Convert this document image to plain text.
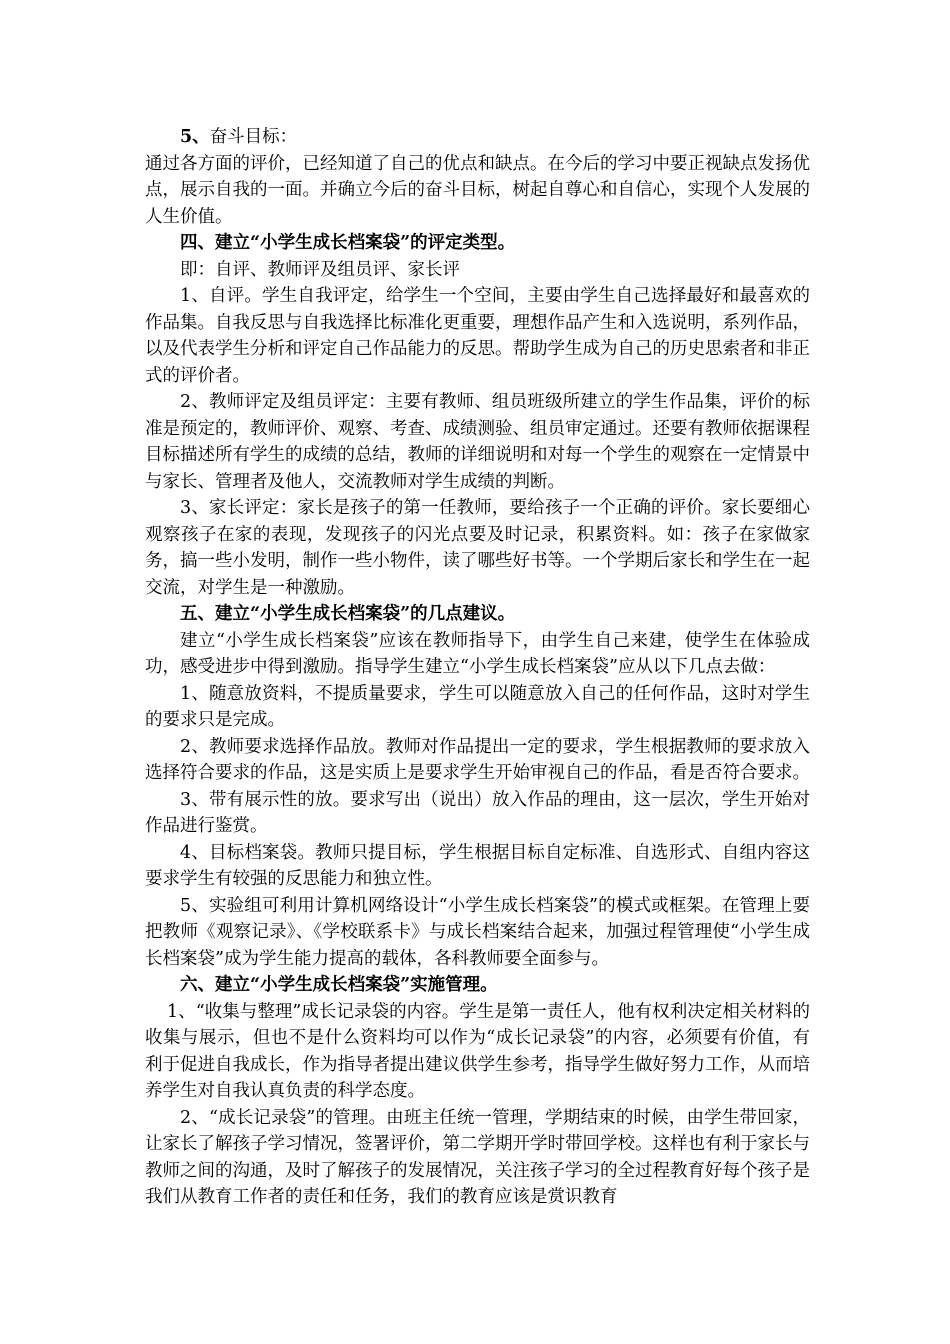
5、奋斗目标：

通过各方面的评价，已经知道了自己的优点和缺点。在今后的学习中要正视缺点发扬优点，展示自我的一面。并确立今后的奋斗目标，树起自尊心和自信心，实现个人发展的人生价值。

四、建立“小学生成长档案袋”的评定类型。

即：自评、教师评及组员评、家长评

1、自评。学生自我评定，给学生一个空间，主要由学生自己选择最好和最喜欢的作品集。自我反思与自我选择比标准化更重要，理想作品产生和入选说明，系列作品，以及代表学生分析和评定自己作品能力的反思。帮助学生成为自己的历史思索者和非正式的评价者。

2、教师评定及组员评定：主要有教师、组员班级所建立的学生作品集，评价的标准是预定的，教师评价、观察、考查、成绩测验、组员审定通过。还要有教师依据课程目标描述所有学生的成绩的总结，教师的详细说明和对每一个学生的观察在一定情景中与家长、管理者及他人，交流教师对学生成绩的判断。

3、家长评定：家长是孩子的第一任教师，要给孩子一个正确的评价。家长要细心观察孩子在家的表现，发现孩子的闪光点要及时记录，积累资料。如：孩子在家做家务，搞一些小发明，制作一些小物件，读了哪些好书等。一个学期后家长和学生在一起交流，对学生是一种激励。

五、建立“小学生成长档案袋”的几点建议。

建立“小学生成长档案袋”应该在教师指导下，由学生自己来建，使学生在体验成功，感受进步中得到激励。指导学生建立“小学生成长档案袋”应从以下几点去做：

1、随意放资料，不提质量要求，学生可以随意放入自己的任何作品，这时对学生的要求只是完成。

2、教师要求选择作品放。教师对作品提出一定的要求，学生根据教师的要求放入选择符合要求的作品，这是实质上是要求学生开始审视自己的作品，看是否符合要求。

3、带有展示性的放。要求写出（说出）放入作品的理由，这一层次，学生开始对作品进行鉴赏。

4、目标档案袋。教师只提目标，学生根据目标自定标准、自选形式、自组内容这要求学生有较强的反思能力和独立性。

5、实验组可利用计算机网络设计“小学生成长档案袋”的模式或框架。在管理上要把教师《观察记录》、《学校联系卡》与成长档案结合起来，加强过程管理使“小学生成长档案袋”成为学生能力提高的载体，各科教师要全面参与。

六、建立“小学生成长档案袋”实施管理。

1、“收集与整理”成长记录袋的内容。学生是第一责任人，他有权利决定相关材料的收集与展示，但也不是什么资料均可以作为“成长记录袋”的内容，必须要有价值，有利于促进自我成长，作为指导者提出建议供学生参考，指导学生做好努力工作，从而培养学生对自我认真负责的科学态度。

2、“成长记录袋”的管理。由班主任统一管理，学期结束的时候，由学生带回家，让家长了解孩子学习情况，签署评价，第二学期开学时带回学校。这样也有利于家长与教师之间的沟通，及时了解孩子的发展情况，关注孩子学习的全过程教育好每个孩子是我们从教育工作者的责任和任务，我们的教育应该是赏识教育
